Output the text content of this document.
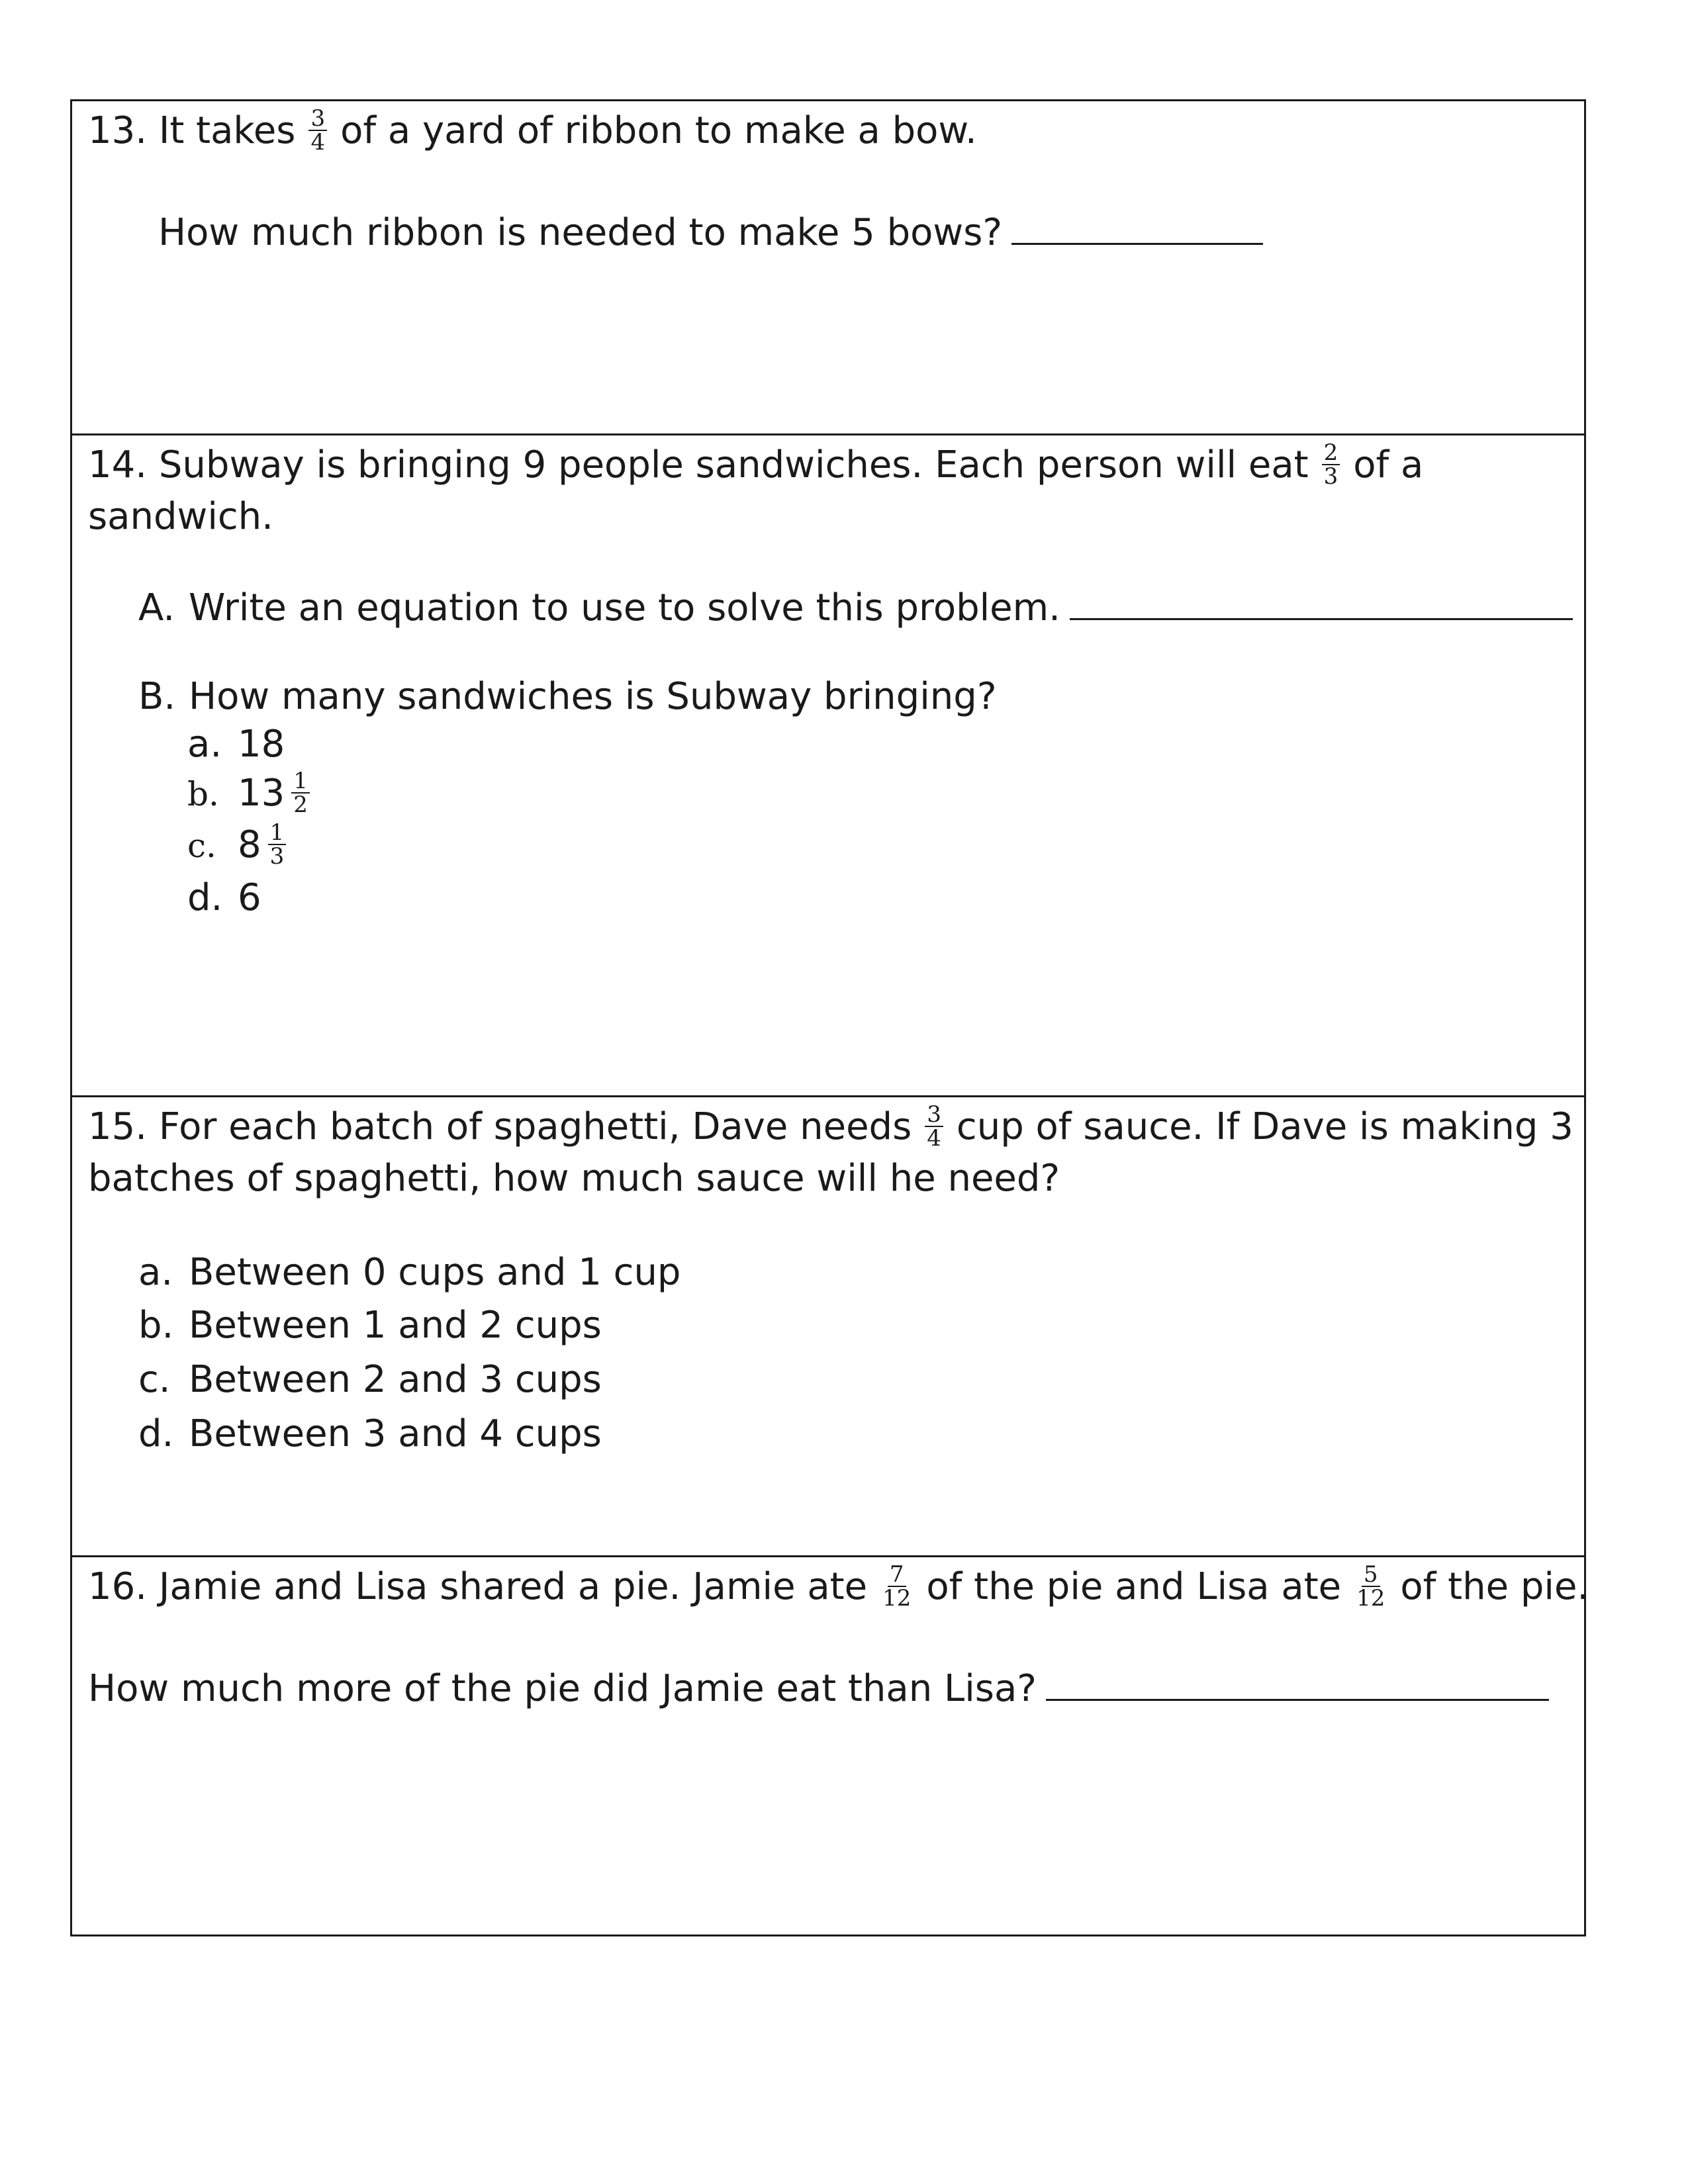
13. It takes $\frac{3}{4}$ of a yard of ribbon to make a bow.
How much ribbon is needed to make 5 bows?
14. Subway is bringing 9 people sandwiches. Each person will eat $\frac{2}{3}$ of a
sandwich.
A. Write an equation to use to solve this problem.
B. How many sandwiches is Subway bringing?
a. 18
b. $13 \frac{1}{2}$
c. $8 \frac{1}{3}$
d. 6
15. For each batch of spaghetti, Dave needs $\frac{3}{4}$ cup of sauce. If Dave is making 3
batches of spaghetti, how much sauce will he need?
a. Between 0 cups and 1 cup
b. Between 1 and 2 cups
c. Between 2 and 3 cups
d. Between 3 and 4 cups
16. Jamie and Lisa shared a pie. Jamie ate $\frac{7}{12}$ of the pie and Lisa ate $\frac{5}{12}$ of the pie.
How much more of the pie did Jamie eat than Lisa?
